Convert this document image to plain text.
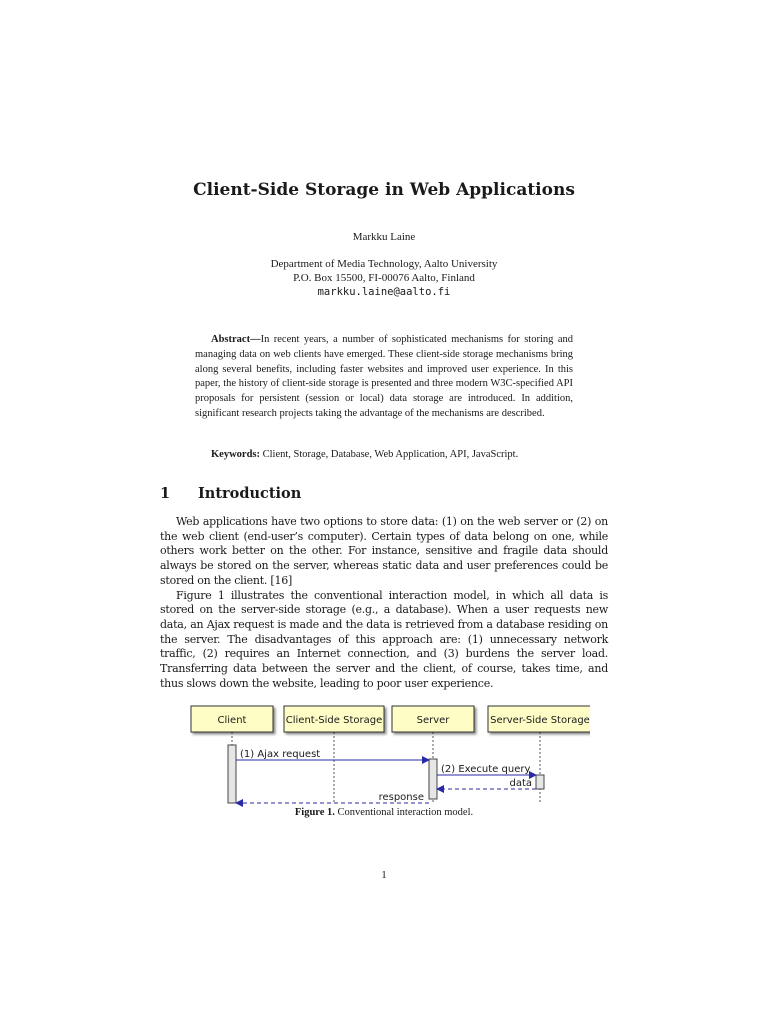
Client-Side Storage in Web Applications
Markku Laine
Department of Media Technology, Aalto University
P.O. Box 15500, FI-00076 Aalto, Finland
markku.laine@aalto.fi
Abstract—In recent years, a number of sophisticated mechanisms for storing and managing data on web clients have emerged. These client-side storage mechanisms bring along several benefits, including faster websites and improved user experience. In this paper, the history of client-side storage is presented and three modern W3C-specified API proposals for persistent (session or local) data storage are introduced. In addition, significant research projects taking the advantage of the mechanisms are described.
Keywords: Client, Storage, Database, Web Application, API, JavaScript.
1 Introduction

Web applications have two options to store data: (1) on the web server or (2) on the web client (end-user’s computer). Certain types of data belong on one, while others work better on the other. For instance, sensitive and fragile data should always be stored on the server, whereas static data and user preferences could be stored on the client. [16]

Figure 1 illustrates the conventional interaction model, in which all data is stored on the server-side storage (e.g., a database). When a user requests new data, an Ajax request is made and the data is retrieved from a database residing on the server. The disadvantages of this approach are: (1) unnecessary network traffic, (2) requires an Internet connection, and (3) burdens the server load. Transferring data between the server and the client, of course, takes time, and thus slows down the website, leading to poor user experience.

Client	Client-Side Storage	Server	Server-Side Storage
(1) Ajax request
(2) Execute query
data
response
Figure 1. Conventional interaction model.
1
